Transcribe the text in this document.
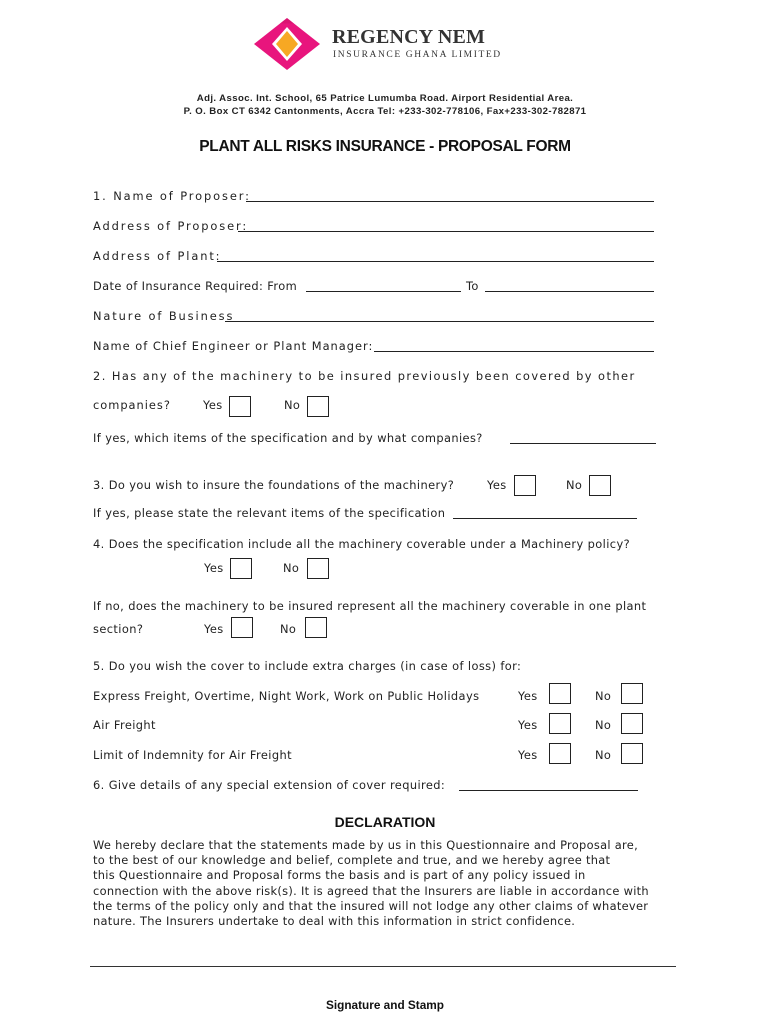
REGENCY NEM
INSURANCE GHANA LIMITED
Adj. Assoc. Int. School, 65 Patrice Lumumba Road. Airport Residential Area.
P. O. Box CT 6342 Cantonments, Accra Tel: +233-302-778106, Fax+233-302-782871
PLANT ALL RISKS INSURANCE - PROPOSAL FORM
1. Name of Proposer:
Address of Proposer:
Address of Plant:
Date of Insurance Required: From	To
Nature of Business
Name of Chief Engineer or Plant Manager:
2. Has any of the machinery to be insured previously been covered by other
companies?	Yes	No
If yes, which items of the specification and by what companies?
3. Do you wish to insure the foundations of the machinery?	Yes	No
If yes, please state the relevant items of the specification
4. Does the specification include all the machinery coverable under a Machinery policy?
Yes	No
If no, does the machinery to be insured represent all the machinery coverable in one plant
section?	Yes	No
5. Do you wish the cover to include extra charges (in case of loss) for:
Express Freight, Overtime, Night Work, Work on Public Holidays	Yes	No
Air Freight	Yes	No
Limit of Indemnity for Air Freight	Yes	No
6. Give details of any special extension of cover required:
DECLARATION
We hereby declare that the statements made by us in this Questionnaire and Proposal are,
to the best of our knowledge and belief, complete and true, and we hereby agree that
this Questionnaire and Proposal forms the basis and is part of any policy issued in
connection with the above risk(s). It is agreed that the Insurers are liable in accordance with
the terms of the policy only and that the insured will not lodge any other claims of whatever
nature. The Insurers undertake to deal with this information in strict confidence.
Signature and Stamp
